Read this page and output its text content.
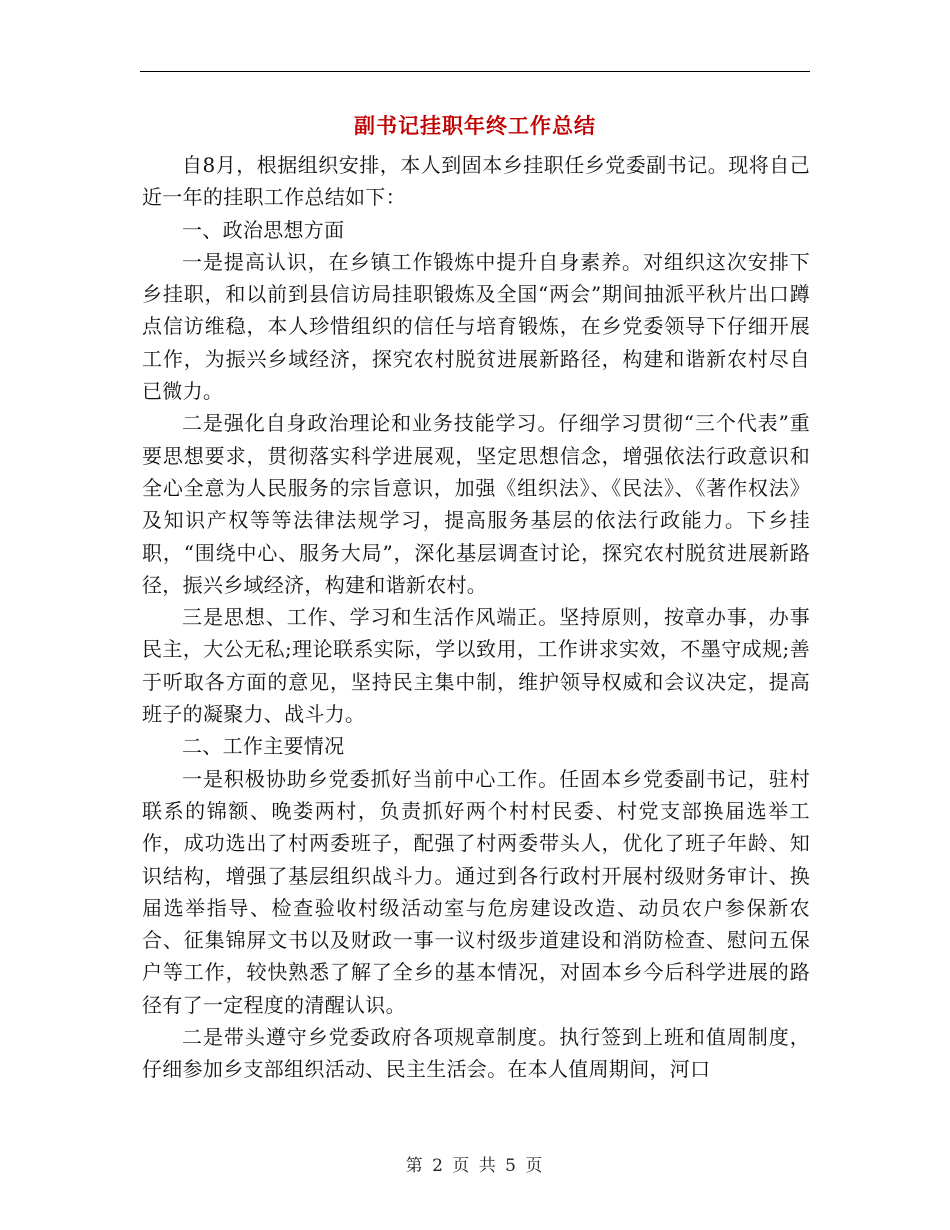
副书记挂职年终工作总结

自8月，根据组织安排，本人到固本乡挂职任乡党委副书记。现将自己近一年的挂职工作总结如下：

一、政治思想方面

一是提高认识，在乡镇工作锻炼中提升自身素养。对组织这次安排下乡挂职，和以前到县信访局挂职锻炼及全国“两会”期间抽派平秋片出口蹲点信访维稳，本人珍惜组织的信任与培育锻炼，在乡党委领导下仔细开展工作，为振兴乡域经济，探究农村脱贫进展新路径，构建和谐新农村尽自已微力。

二是强化自身政治理论和业务技能学习。仔细学习贯彻“三个代表”重要思想要求，贯彻落实科学进展观，坚定思想信念，增强依法行政意识和全心全意为人民服务的宗旨意识，加强《组织法》、《民法》、《著作权法》及知识产权等等法律法规学习，提高服务基层的依法行政能力。下乡挂职，“围绕中心、服务大局”，深化基层调查讨论，探究农村脱贫进展新路径，振兴乡域经济，构建和谐新农村。

三是思想、工作、学习和生活作风端正。坚持原则，按章办事，办事民主，大公无私;理论联系实际，学以致用，工作讲求实效，不墨守成规;善于听取各方面的意见，坚持民主集中制，维护领导权威和会议决定，提高班子的凝聚力、战斗力。

二、工作主要情况

一是积极协助乡党委抓好当前中心工作。任固本乡党委副书记，驻村联系的锦额、晚娄两村，负责抓好两个村村民委、村党支部换届选举工作，成功选出了村两委班子，配强了村两委带头人，优化了班子年龄、知识结构，增强了基层组织战斗力。通过到各行政村开展村级财务审计、换届选举指导、检查验收村级活动室与危房建设改造、动员农户参保新农合、征集锦屏文书以及财政一事一议村级步道建设和消防检查、慰问五保户等工作，较快熟悉了解了全乡的基本情况，对固本乡今后科学进展的路径有了一定程度的清醒认识。

二是带头遵守乡党委政府各项规章制度。执行签到上班和值周制度，仔细参加乡支部组织活动、民主生活会。在本人值周期间，河口

第 2 页 共 5 页
